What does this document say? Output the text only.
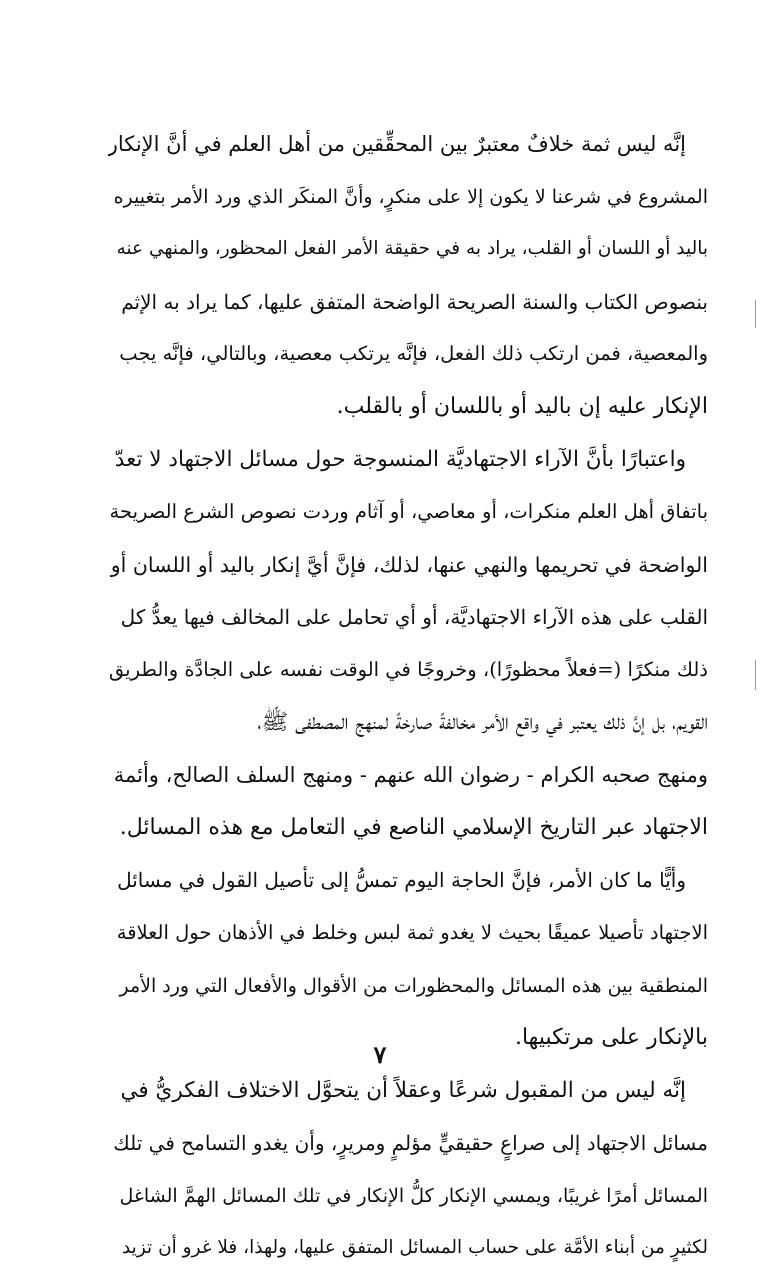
إنَّه ليس ثمة خلافٌ معتبرٌ بين المحقِّقين من أهل العلم في أنَّ الإنكار
المشروع في شرعنا لا يكون إلا على منكرٍ، وأنَّ المنكَر الذي ورد الأمر بتغييره
باليد أو اللسان أو القلب، يراد به في حقيقة الأمر الفعل المحظور، والمنهي عنه
بنصوص الكتاب والسنة الصريحة الواضحة المتفق عليها، كما يراد به الإثم
والمعصية، فمن ارتكب ذلك الفعل، فإنَّه يرتكب معصية، وبالتالي، فإنَّه يجب
الإنكار عليه إن باليد أو باللسان أو بالقلب.
واعتبارًا بأنَّ الآراء الاجتهاديَّة المنسوجة حول مسائل الاجتهاد لا تعدّ
باتفاق أهل العلم منكرات، أو معاصي، أو آثام وردت نصوص الشرع الصريحة
الواضحة في تحريمها والنهي عنها، لذلك، فإنَّ أيَّ إنكار باليد أو اللسان أو
القلب على هذه الآراء الاجتهاديَّة، أو أي تحامل على المخالف فيها يعدُّ كل
ذلك منكرًا (=فعلاً محظورًا)، وخروجًا في الوقت نفسه على الجادَّة والطريق
القويم، بل إنَّ ذلك يعتبر في واقع الأمر مخالفةً صارخةً لمنهج المصطفى ﷺ،
ومنهج صحبه الكرام - رضوان الله عنهم - ومنهج السلف الصالح، وأئمة
الاجتهاد عبر التاريخ الإسلامي الناصع في التعامل مع هذه المسائل.
وأيًّا ما كان الأمر، فإنَّ الحاجة اليوم تمسُّ إلى تأصيل القول في مسائل
الاجتهاد تأصيلا عميقًا بحيث لا يغدو ثمة لبس وخلط في الأذهان حول العلاقة
المنطقية بين هذه المسائل والمحظورات من الأقوال والأفعال التي ورد الأمر
بالإنكار على مرتكبيها.
إنَّه ليس من المقبول شرعًا وعقلاً أن يتحوَّل الاختلاف الفكريُّ في
مسائل الاجتهاد إلى صراعٍ حقيقيٍّ مؤلمٍ ومريرٍ، وأن يغدو التسامح في تلك
المسائل أمرًا غريبًا، ويمسي الإنكار كلُّ الإنكار في تلك المسائل الهمَّ الشاغل
لكثيرٍ من أبناء الأمَّة على حساب المسائل المتفق عليها، ولهذا، فلا غرو أن تزيد
٧
